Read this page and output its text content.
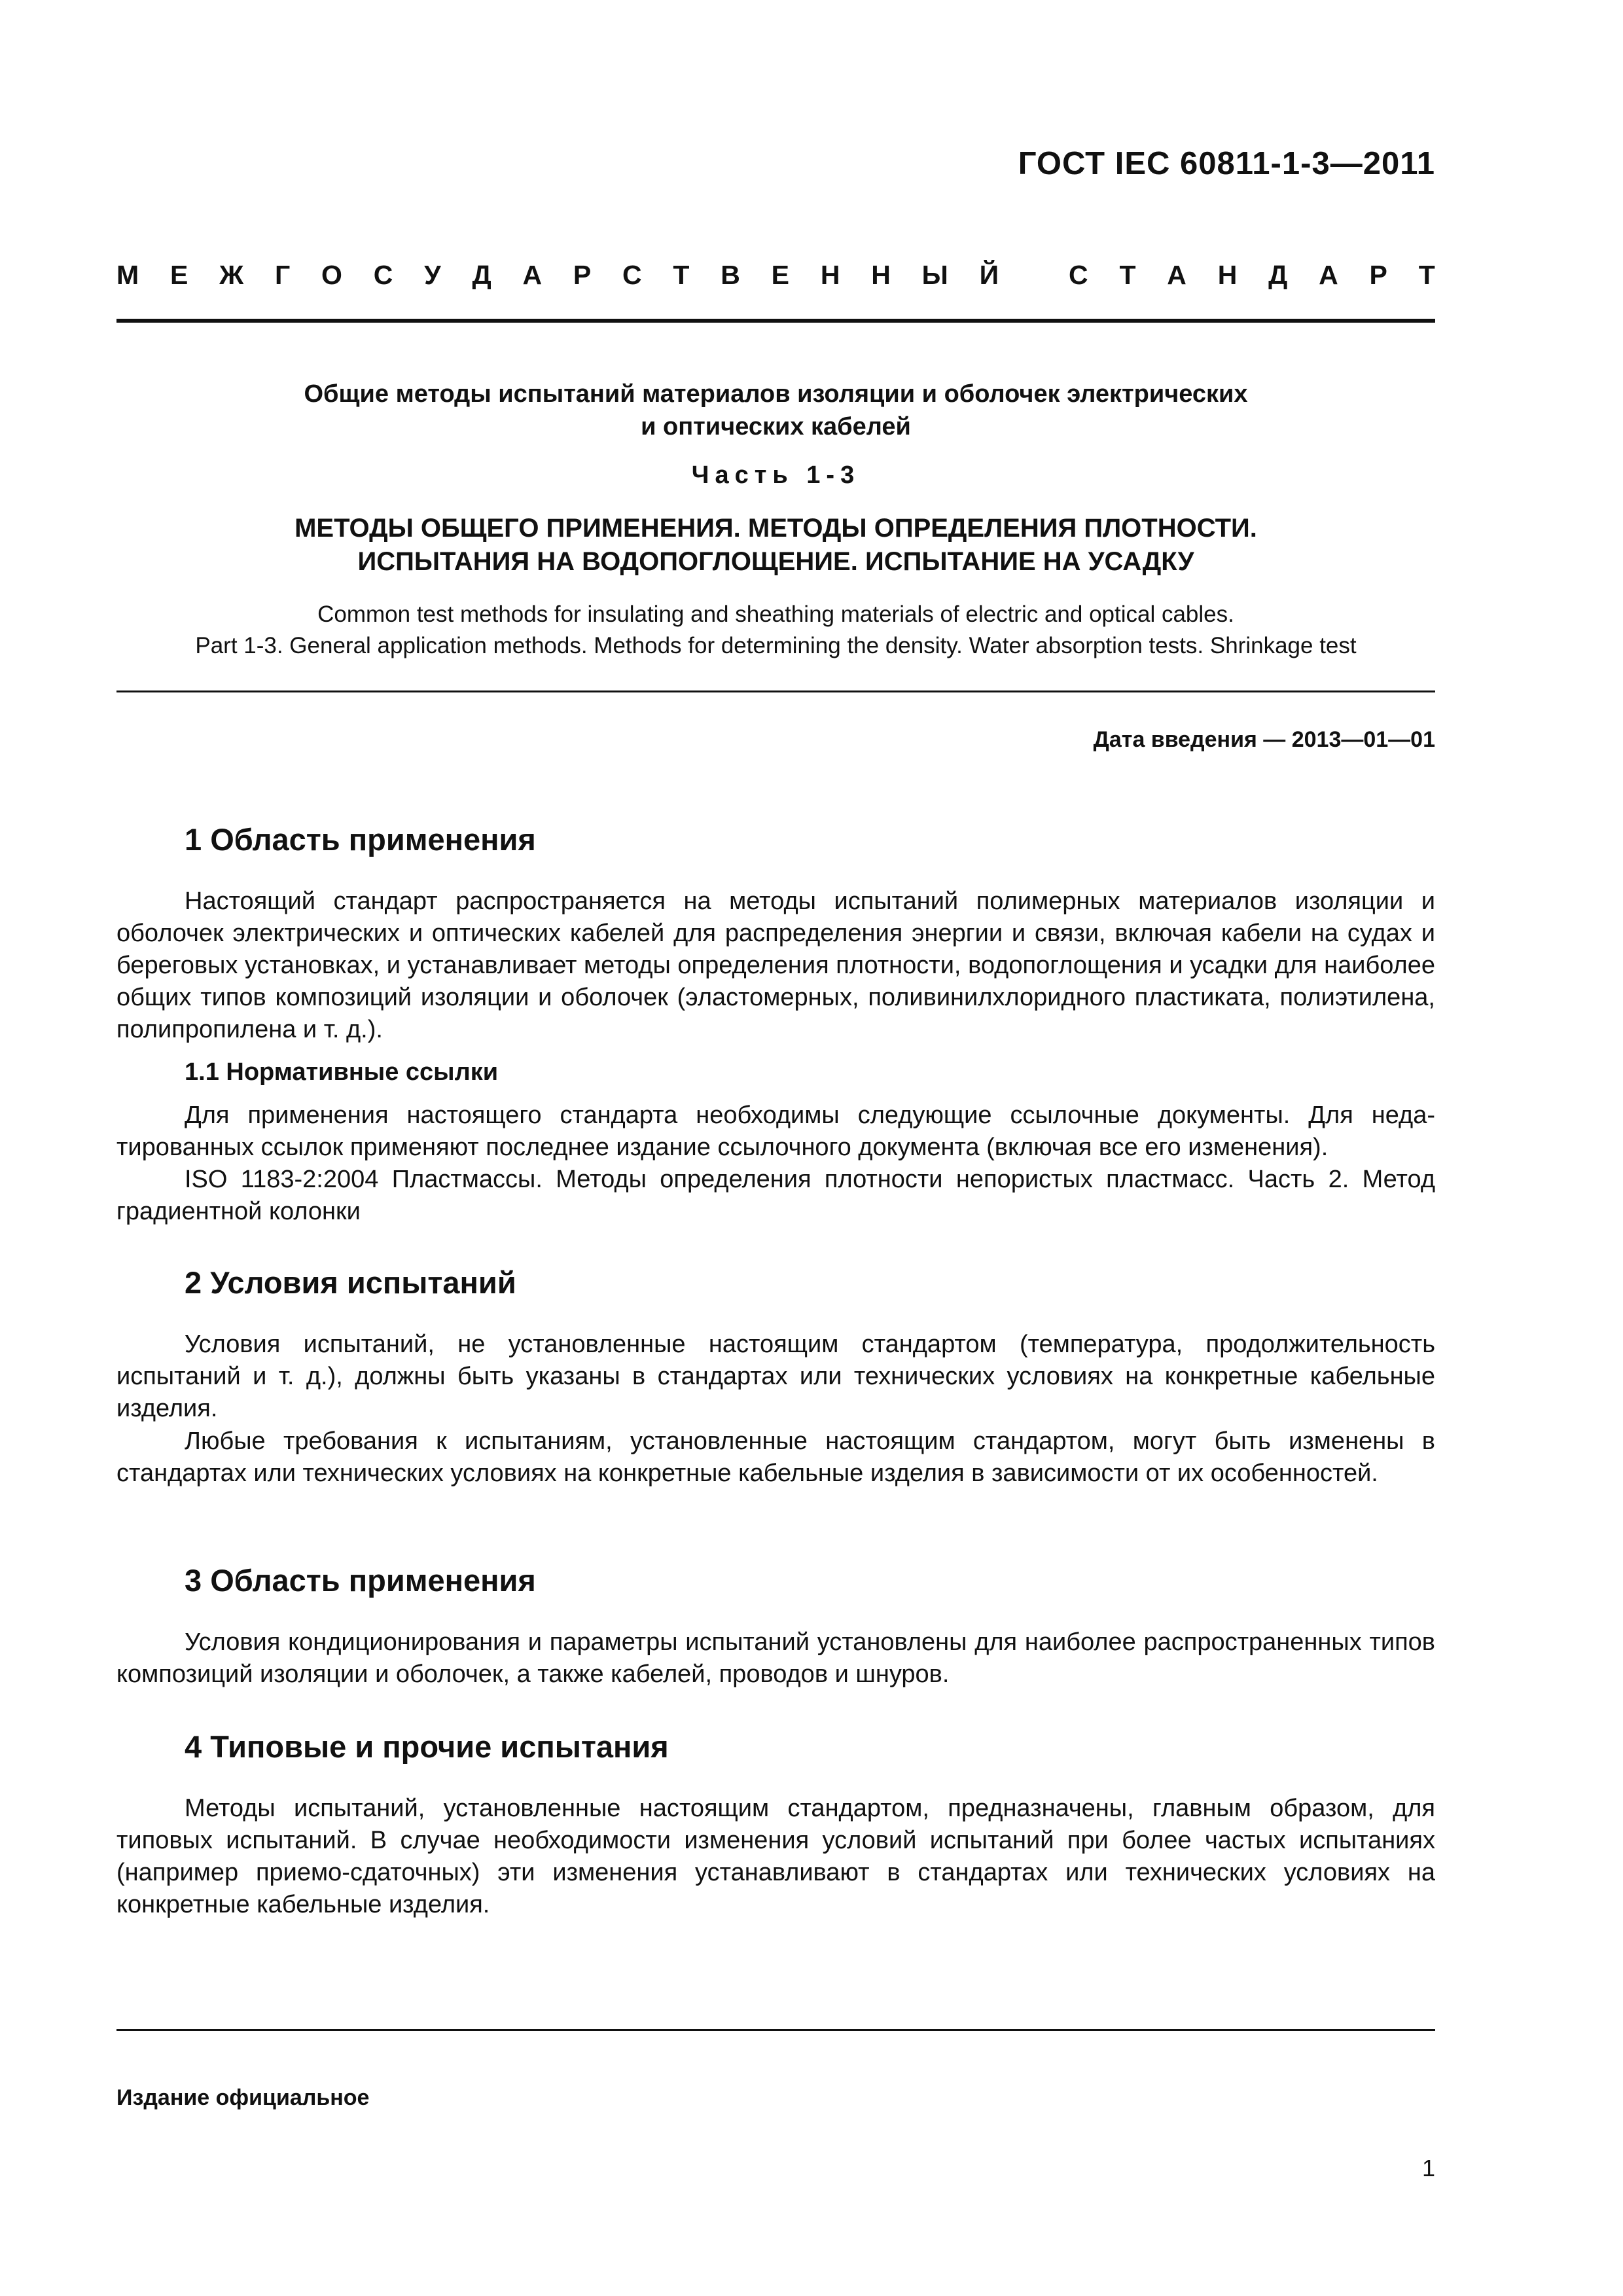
ГОСТ IEC 60811-1-3—2011
М Е Ж Г О С У Д А Р С Т В Е Н Н Ы Й
	С Т А Н Д А Р Т
Общие методы испытаний материалов изоляции и оболочек электрических
и оптических кабелей
Часть 1-3
МЕТОДЫ ОБЩЕГО ПРИМЕНЕНИЯ. МЕТОДЫ ОПРЕДЕЛЕНИЯ ПЛОТНОСТИ.
ИСПЫТАНИЯ НА ВОДОПОГЛОЩЕНИЕ. ИСПЫТАНИЕ НА УСАДКУ
Common test methods for insulating and sheathing materials of electric and optical cables.
Part 1-3. General application methods. Methods for determining the density. Water absorption tests. Shrinkage test
Дата введения — 2013—01—01
1 Область применения
Настоящий стандарт распространяется на методы испытаний полимерных материалов изоляции и оболочек электрических и оптических кабелей для распределения энергии и связи, включая кабели на судах и береговых установках, и устанавливает методы определения плотности, водопоглощения и усадки для наиболее общих типов композиций изоляции и оболочек (эластомерных, поливинилхлоридного пластиката, полиэтилена, полипропилена и т. д.).
1.1 Нормативные ссылки
Для применения настоящего стандарта необходимы следующие ссылочные документы. Для недатированных ссылок применяют последнее издание ссылочного документа (включая все его изменения).
ISO 1183-2:2004 Пластмассы. Методы определения плотности непористых пластмасс. Часть 2. Метод градиентной колонки
2 Условия испытаний
Условия испытаний, не установленные настоящим стандартом (температура, продолжительность испытаний и т. д.), должны быть указаны в стандартах или технических условиях на конкретные кабельные изделия.
Любые требования к испытаниям, установленные настоящим стандартом, могут быть изменены в стандартах или технических условиях на конкретные кабельные изделия в зависимости от их особенностей.
3 Область применения
Условия кондиционирования и параметры испытаний установлены для наиболее распространенных типов композиций изоляции и оболочек, а также кабелей, проводов и шнуров.
4 Типовые и прочие испытания
Методы испытаний, установленные настоящим стандартом, предназначены, главным образом, для типовых испытаний. В случае необходимости изменения условий испытаний при более частых испытаниях (например приемо-сдаточных) эти изменения устанавливают в стандартах или технических условиях на конкретные кабельные изделия.
Издание официальное
1
